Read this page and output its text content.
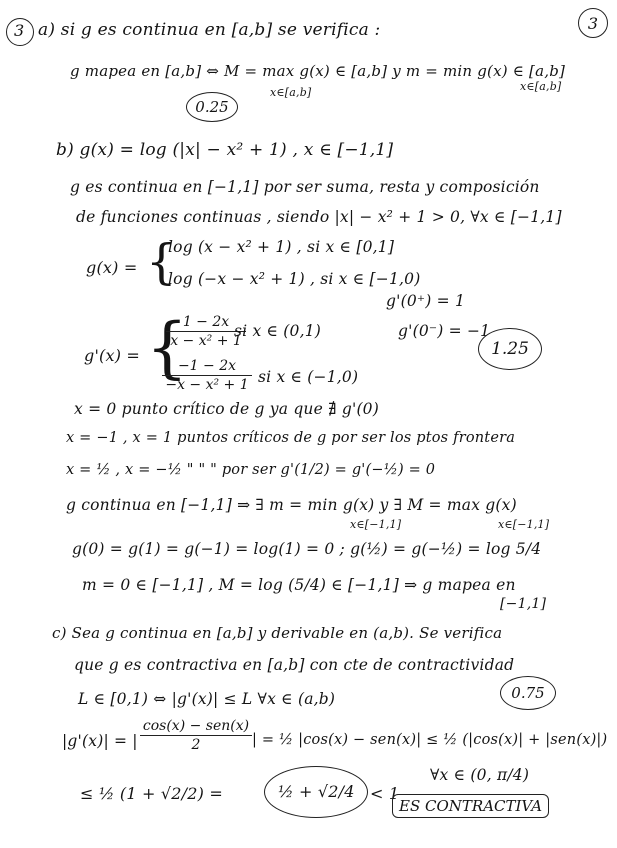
3	3
a) si g es continua en [a,b] se verifica :
g mapea en [a,b] ⇔ M = max g(x) ∈ [a,b] y m = min g(x) ∈ [a,b]
x∈[a,b]	x∈[a,b]
0.25
b) g(x) = log (|x| − x² + 1) , x ∈ [−1,1]
g es continua en [−1,1] por ser suma, resta y composición
de funciones continuas , siendo |x| − x² + 1 > 0, ∀x ∈ [−1,1]
g(x) = {
log (x − x² + 1) , si x ∈ [0,1]
log (−x − x² + 1) , si x ∈ [−1,0)
g'(x) = {
1 − 2x
x − x² + 1
si x ∈ (0,1)
−1 − 2x
−x − x² + 1 si x ∈ (−1,0)
g'(0⁺) = 1
g'(0⁻) = −1
1.25
x = 0 punto crítico de g ya que ∄ g'(0)
x = −1 , x = 1 puntos críticos de g por ser los ptos frontera
x = ½ , x = −½ " " " por ser g'(1/2) = g'(−½) = 0
g continua en [−1,1] ⇒ ∃ m = min g(x) y ∃ M = max g(x)
x∈[−1,1]	x∈[−1,1]
g(0) = g(1) = g(−1) = log(1) = 0 ; g(½) = g(−½) = log 5/4
m = 0 ∈ [−1,1] , M = log (5/4) ∈ [−1,1] ⇒ g mapea en
[−1,1]
c) Sea g continua en [a,b] y derivable en (a,b). Se verifica
que g es contractiva en [a,b] con cte de contractividad
L ∈ [0,1) ⇔ |g'(x)| ≤ L ∀x ∈ (a,b)	0.75
|g'(x)| = |
cos(x) − sen(x)
2	| = ½ |cos(x) − sen(x)| ≤ ½ (|cos(x)| + |sen(x)|)
≤ ½ (1 + √2/2) =	½ + √2/4 < 1
∀x ∈ (0, π/4)
ES CONTRACTIVA
